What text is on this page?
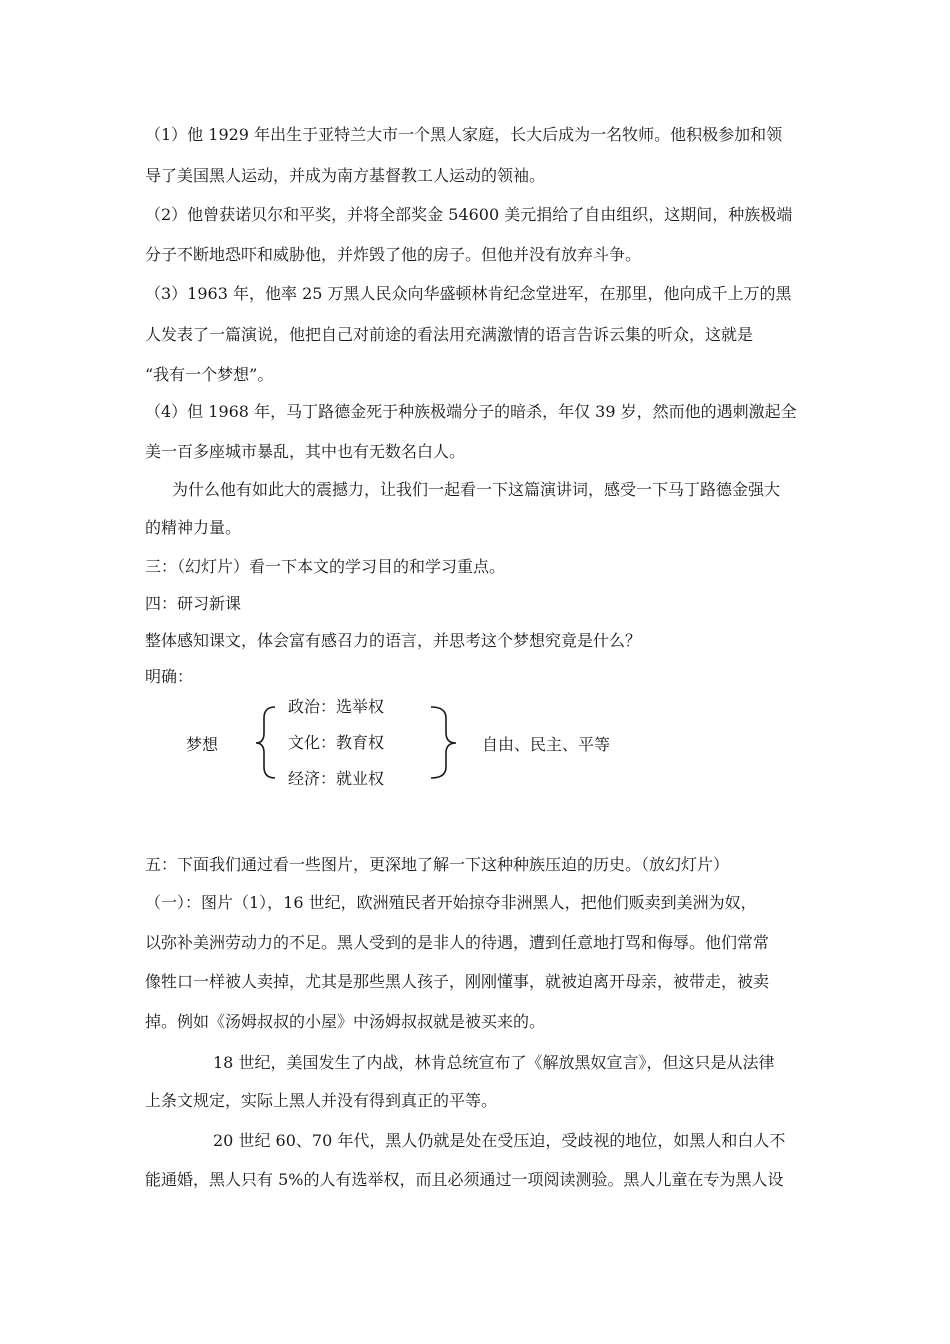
（1）他 1929 年出生于亚特兰大市一个黑人家庭，长大后成为一名牧师。他积极参加和领
导了美国黑人运动，并成为南方基督教工人运动的领袖。
（2）他曾获诺贝尔和平奖，并将全部奖金 54600 美元捐给了自由组织，这期间，种族极端
分子不断地恐吓和威胁他，并炸毁了他的房子。但他并没有放弃斗争。
（3）1963 年，他率 25 万黑人民众向华盛顿林肯纪念堂进军，在那里，他向成千上万的黑
人发表了一篇演说，他把自己对前途的看法用充满激情的语言告诉云集的听众，这就是
“我有一个梦想”。
（4）但 1968 年，马丁路德金死于种族极端分子的暗杀，年仅 39 岁，然而他的遇刺激起全
美一百多座城市暴乱，其中也有无数名白人。
为什么他有如此大的震撼力，让我们一起看一下这篇演讲词，感受一下马丁路德金强大
的精神力量。
三：（幻灯片）看一下本文的学习目的和学习重点。
四：研习新课
整体感知课文，体会富有感召力的语言，并思考这个梦想究竟是什么？
明确：
梦想
政治：选举权
文化：教育权
经济：就业权
自由、民主、平等
五：下面我们通过看一些图片，更深地了解一下这种种族压迫的历史。（放幻灯片）
（一）：图片（1），16 世纪，欧洲殖民者开始掠夺非洲黑人，把他们贩卖到美洲为奴，
以弥补美洲劳动力的不足。黑人受到的是非人的待遇，遭到任意地打骂和侮辱。他们常常
像牲口一样被人卖掉，尤其是那些黑人孩子，刚刚懂事，就被迫离开母亲，被带走，被卖
掉。例如《汤姆叔叔的小屋》中汤姆叔叔就是被买来的。
18 世纪，美国发生了内战，林肯总统宣布了《解放黑奴宣言》，但这只是从法律
上条文规定，实际上黑人并没有得到真正的平等。
20 世纪 60、70 年代，黑人仍就是处在受压迫，受歧视的地位，如黑人和白人不
能通婚，黑人只有 5%的人有选举权，而且必须通过一项阅读测验。黑人儿童在专为黑人设
